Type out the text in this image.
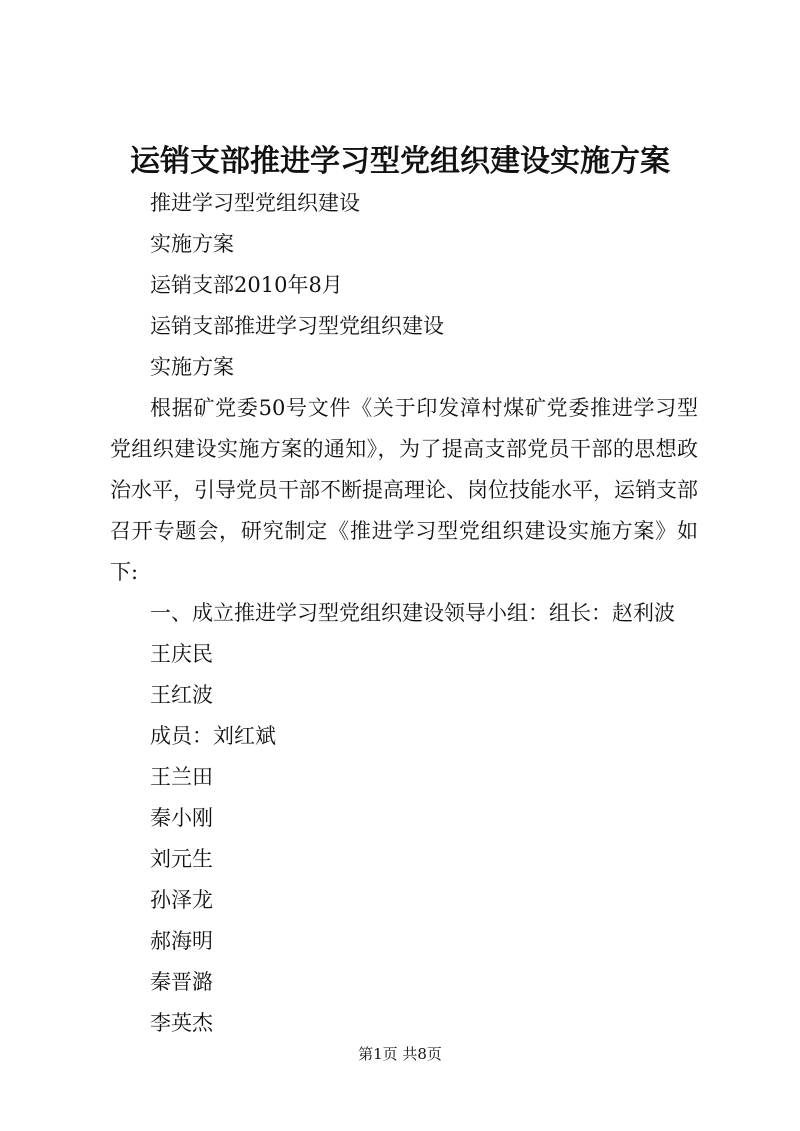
运销支部推进学习型党组织建设实施方案
推进学习型党组织建设
实施方案
运销支部2010年8月
运销支部推进学习型党组织建设
实施方案
根据矿党委50号文件《关于印发漳村煤矿党委推进学习型党组织建设实施方案的通知》，为了提高支部党员干部的思想政治水平，引导党员干部不断提高理论、岗位技能水平，运销支部召开专题会，研究制定《推进学习型党组织建设实施方案》如下:
一、成立推进学习型党组织建设领导小组：组长：赵利波
王庆民
王红波
成员：刘红斌
王兰田
秦小刚
刘元生
孙泽龙
郝海明
秦晋潞
李英杰
第1页 共8页
